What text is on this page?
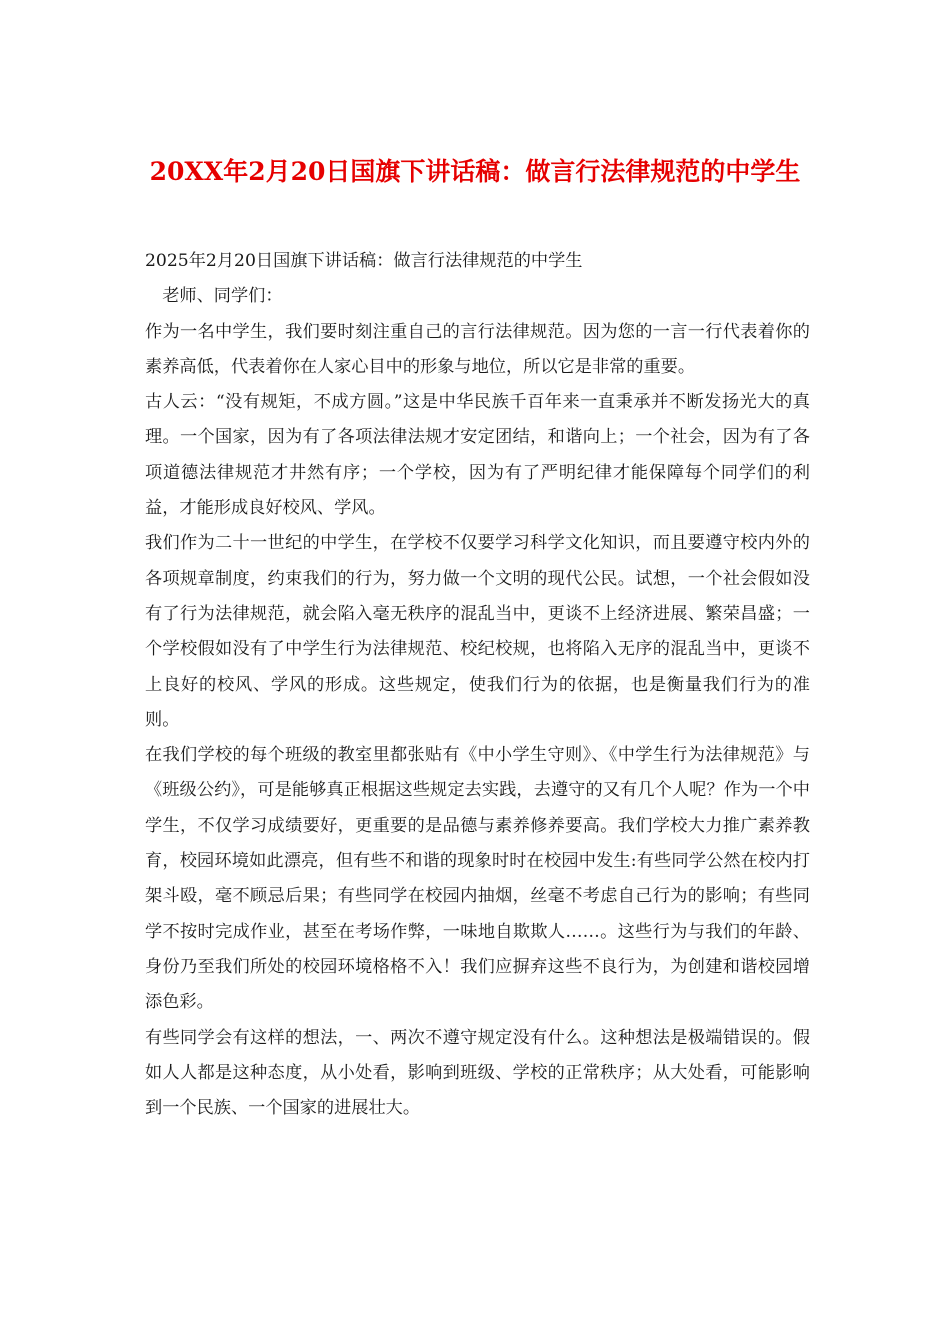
20XX年2月20日国旗下讲话稿：做言行法律规范的中学生

2025年2月20日国旗下讲话稿：做言行法律规范的中学生

老师、同学们：

作为一名中学生，我们要时刻注重自己的言行法律规范。因为您的一言一行代表着你的素养高低，代表着你在人家心目中的形象与地位，所以它是非常的重要。

古人云：“没有规矩，不成方圆。”这是中华民族千百年来一直秉承并不断发扬光大的真理。一个国家，因为有了各项法律法规才安定团结，和谐向上；一个社会，因为有了各项道德法律规范才井然有序；一个学校，因为有了严明纪律才能保障每个同学们的利益，才能形成良好校风、学风。

我们作为二十一世纪的中学生，在学校不仅要学习科学文化知识，而且要遵守校内外的各项规章制度，约束我们的行为，努力做一个文明的现代公民。试想，一个社会假如没有了行为法律规范，就会陷入毫无秩序的混乱当中，更谈不上经济进展、繁荣昌盛；一个学校假如没有了中学生行为法律规范、校纪校规，也将陷入无序的混乱当中，更谈不上良好的校风、学风的形成。这些规定，使我们行为的依据，也是衡量我们行为的准则。

在我们学校的每个班级的教室里都张贴有《中小学生守则》、《中学生行为法律规范》与《班级公约》，可是能够真正根据这些规定去实践，去遵守的又有几个人呢？作为一个中学生，不仅学习成绩要好，更重要的是品德与素养修养要高。我们学校大力推广素养教育，校园环境如此漂亮，但有些不和谐的现象时时在校园中发生:有些同学公然在校内打架斗殴，毫不顾忌后果；有些同学在校园内抽烟，丝毫不考虑自己行为的影响；有些同学不按时完成作业，甚至在考场作弊，一味地自欺欺人……。这些行为与我们的年龄、身份乃至我们所处的校园环境格格不入！我们应摒弃这些不良行为，为创建和谐校园增添色彩。

有些同学会有这样的想法，一、两次不遵守规定没有什么。这种想法是极端错误的。假如人人都是这种态度，从小处看，影响到班级、学校的正常秩序；从大处看，可能影响到一个民族、一个国家的进展壮大。
